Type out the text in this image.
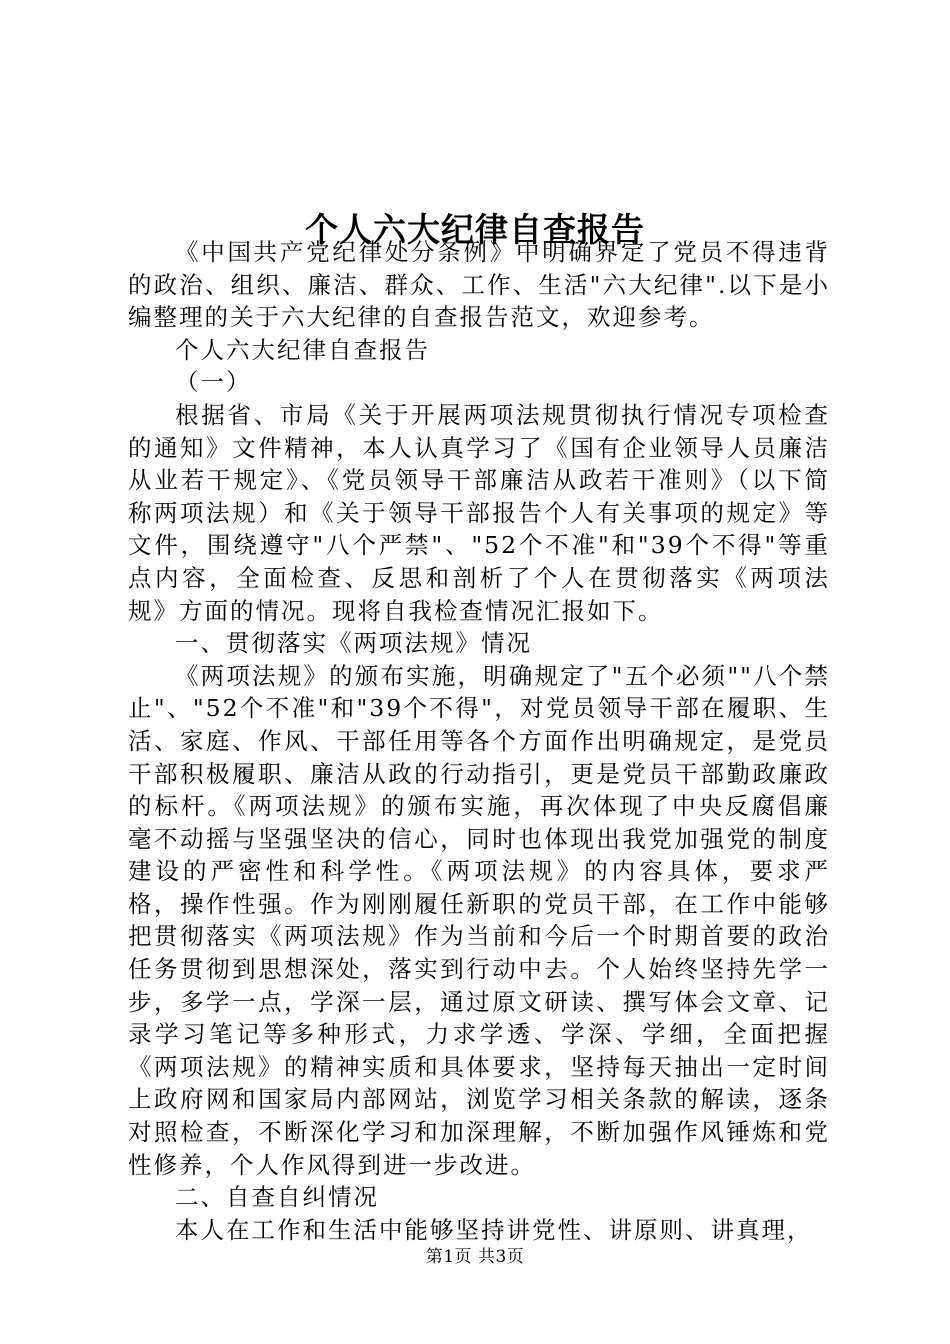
个人六大纪律自查报告

《中国共产党纪律处分条例》中明确界定了党员不得违背的政治、组织、廉洁、群众、工作、生活"六大纪律".以下是小编整理的关于六大纪律的自查报告范文，欢迎参考。

个人六大纪律自查报告

（一）

根据省、市局《关于开展两项法规贯彻执行情况专项检查的通知》文件精神，本人认真学习了《国有企业领导人员廉洁从业若干规定》、《党员领导干部廉洁从政若干准则》（以下简称两项法规）和《关于领导干部报告个人有关事项的规定》等文件，围绕遵守"八个严禁"、"52个不准"和"39个不得"等重点内容，全面检查、反思和剖析了个人在贯彻落实《两项法规》方面的情况。现将自我检查情况汇报如下。

一、贯彻落实《两项法规》情况

《两项法规》的颁布实施，明确规定了"五个必须""八个禁止"、"52个不准"和"39个不得"，对党员领导干部在履职、生活、家庭、作风、干部任用等各个方面作出明确规定，是党员干部积极履职、廉洁从政的行动指引，更是党员干部勤政廉政的标杆。《两项法规》的颁布实施，再次体现了中央反腐倡廉毫不动摇与坚强坚决的信心，同时也体现出我党加强党的制度建设的严密性和科学性。《两项法规》的内容具体，要求严格，操作性强。作为刚刚履任新职的党员干部，在工作中能够把贯彻落实《两项法规》作为当前和今后一个时期首要的政治任务贯彻到思想深处，落实到行动中去。个人始终坚持先学一步，多学一点，学深一层，通过原文研读、撰写体会文章、记录学习笔记等多种形式，力求学透、学深、学细，全面把握《两项法规》的精神实质和具体要求，坚持每天抽出一定时间上政府网和国家局内部网站，浏览学习相关条款的解读，逐条对照检查，不断深化学习和加深理解，不断加强作风锤炼和党性修养，个人作风得到进一步改进。

二、自查自纠情况

本人在工作和生活中能够坚持讲党性、讲原则、讲真理，

第1页 共3页
